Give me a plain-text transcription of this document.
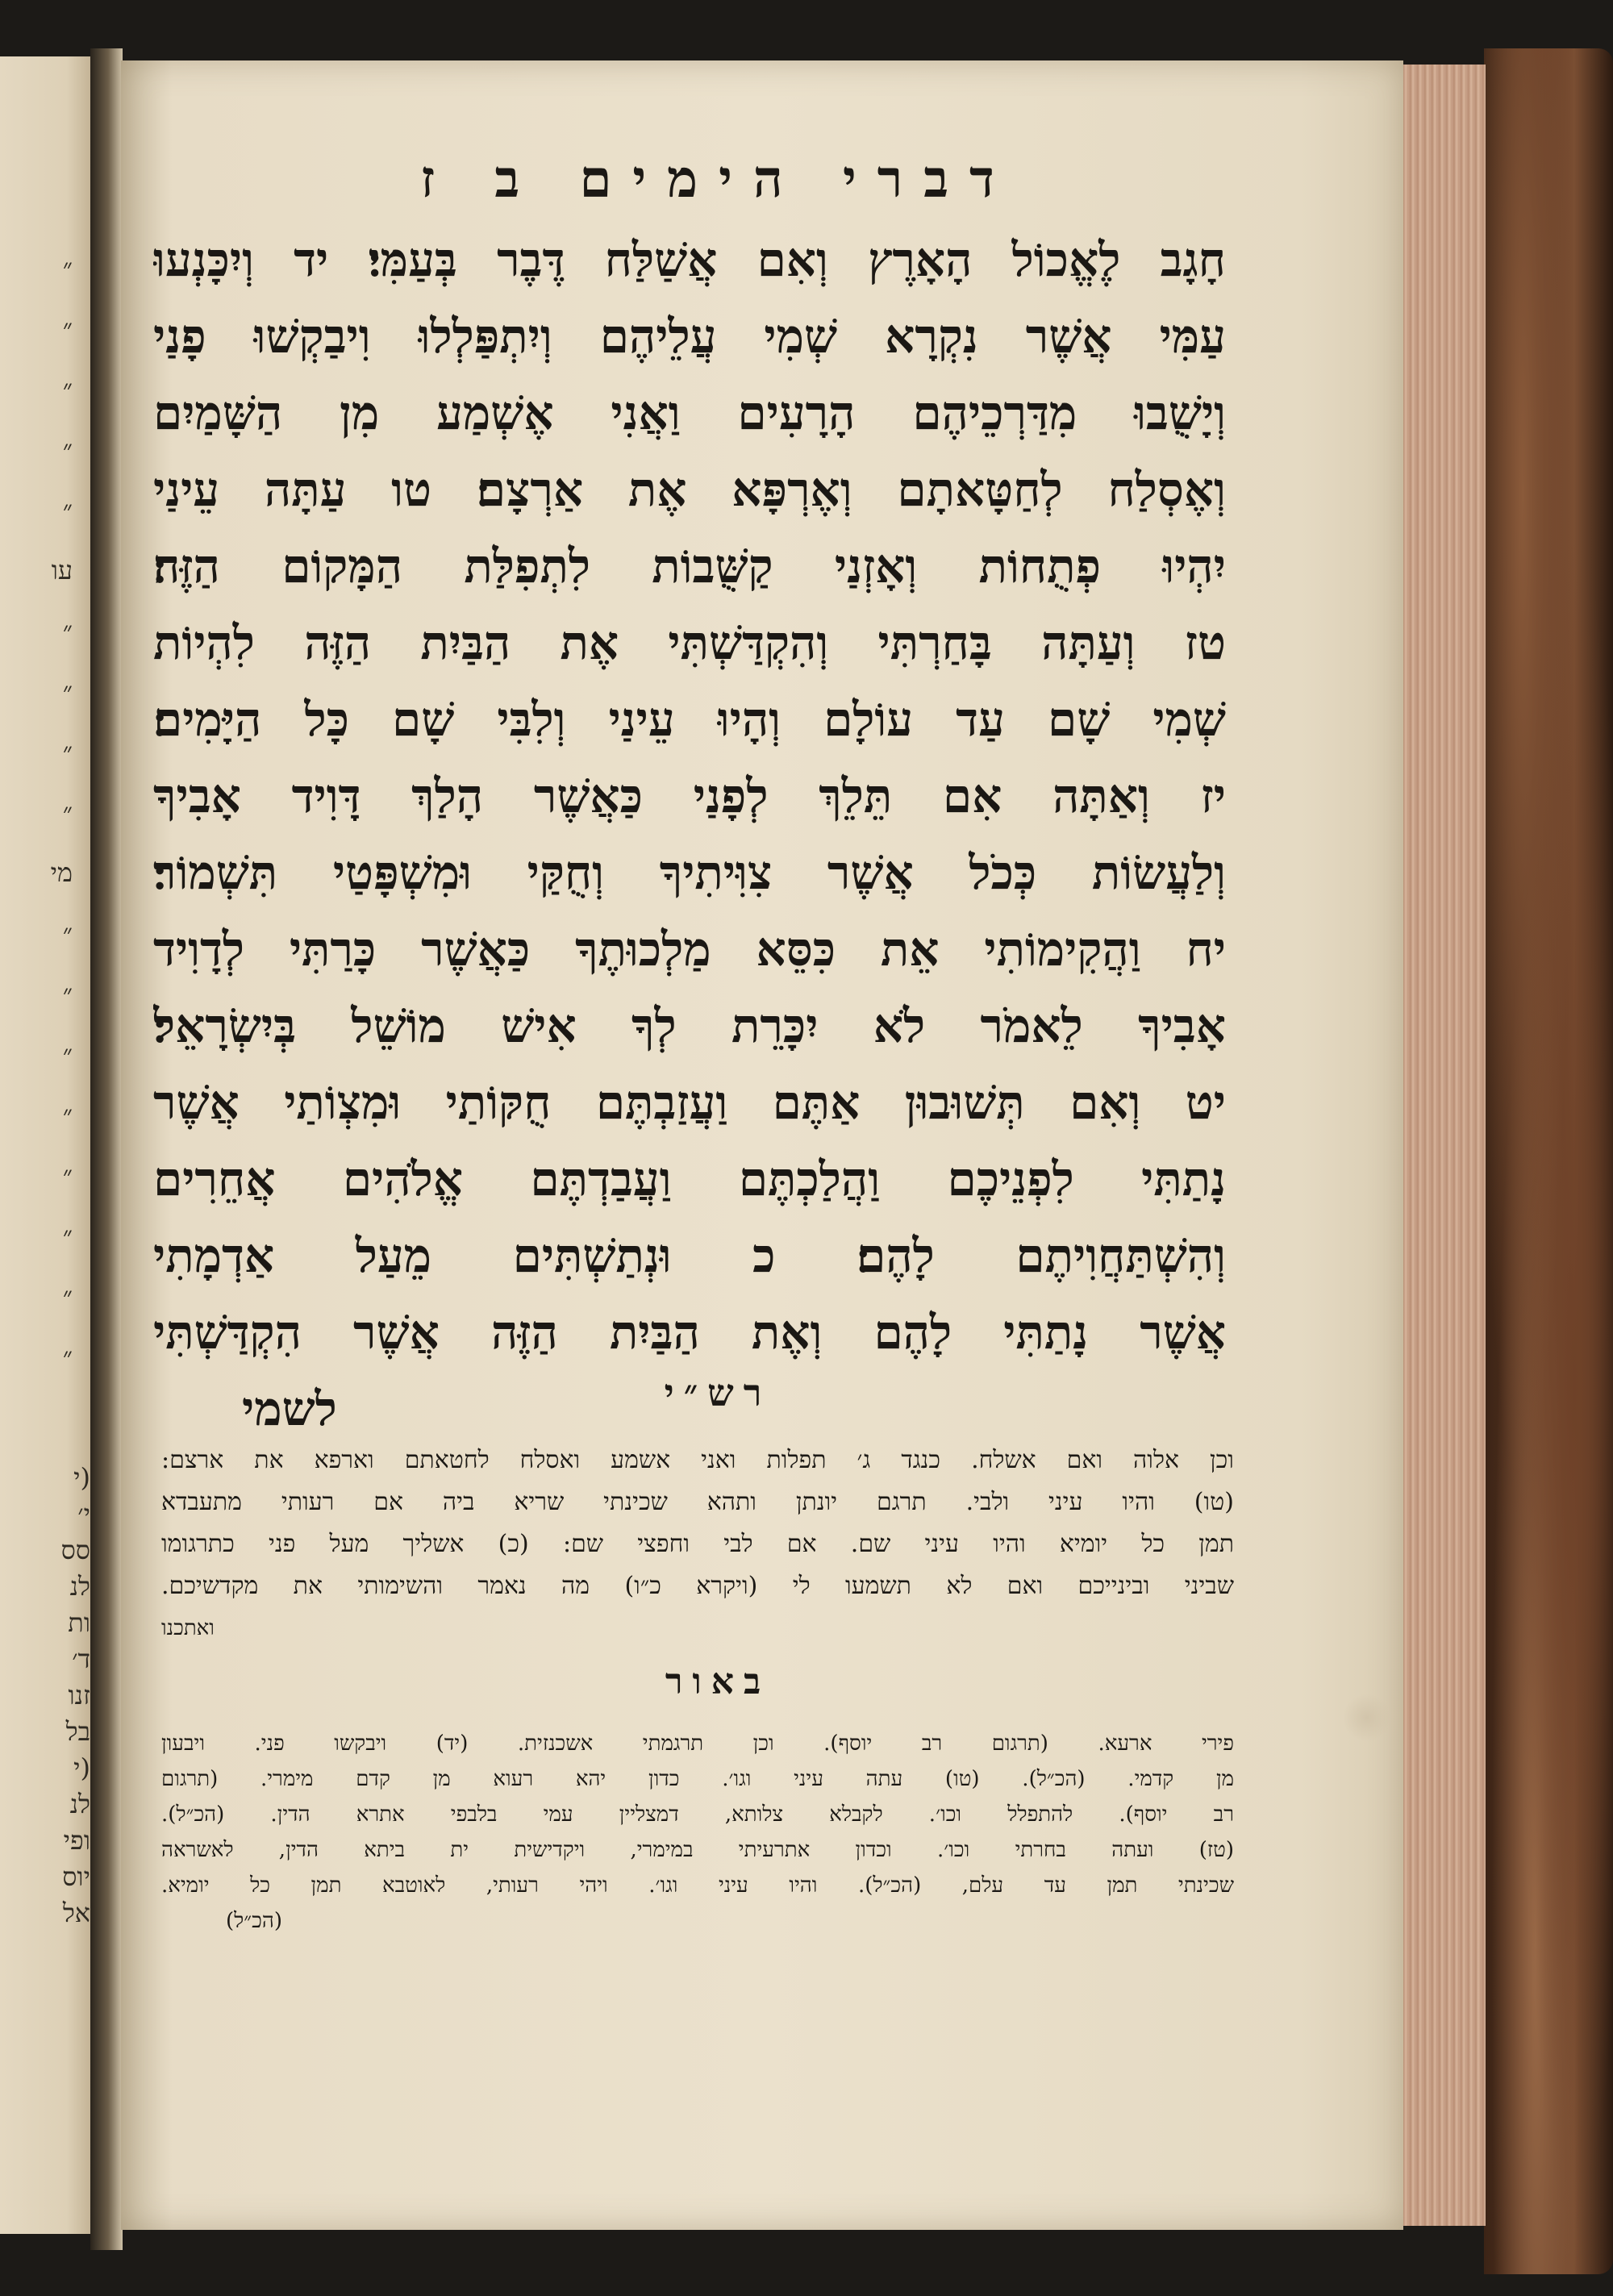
״
״
״
״
״
עו
״
״
״
״
מי
״
״
״
״
״
״
״
״
(י
י׳
סס
לנ
ות
ד׳
זנו
בל
(י
לנ
ופי
יוס
אל
דברי הימים ב ז
חָגָב לֶאֱכוֹל הָאָרֶץ וְאִם אֲשַׁלַּח דֶּבֶר בְּעַמִּי׃ יד וְיִכָּנְעוּ
עַמִּי אֲשֶׁר נִקְרָא שְׁמִי עֲלֵיהֶם וְיִתְפַּלְלוּ וִיבַקְשׁוּ פָנַי
וְיָשֻׁבוּ מִדַּרְכֵיהֶם הָרָעִים וַאֲנִי אֶשְׁמַע מִן הַשָּׁמַיִם
וְאֶסְלַח לְחַטָּאתָם וְאֶרְפָּא אֶת אַרְצָם׃ טו עַתָּה עֵינַי
יִהְיוּ פְתֻחוֹת וְאָזְנַי קַשֻּׁבוֹת לִתְפִלַּת הַמָּקוֹם הַזֶּה׃
טז וְעַתָּה בָּחַרְתִּי וְהִקְדַּשְׁתִּי אֶת הַבַּיִת הַזֶּה לִהְיוֹת
שְׁמִי שָׁם עַד עוֹלָם וְהָיוּ עֵינַי וְלִבִּי שָׁם כָּל הַיָּמִים׃
יז וְאַתָּה אִם תֵּלֵךְ לְפָנַי כַּאֲשֶׁר הָלַךְ דָּוִיד אָבִיךָ
וְלַעֲשׂוֹת כְּכֹל אֲשֶׁר צִוִּיתִיךָ וְחֻקַּי וּמִשְׁפָּטַי תִּשְׁמוֹר׃
יח וַהֲקִימוֹתִי אֵת כִּסֵּא מַלְכוּתֶךָ כַּאֲשֶׁר כָּרַתִּי לְדָוִיד
אָבִיךָ לֵאמֹר לֹא יִכָּרֵת לְךָ אִישׁ מוֹשֵׁל בְּיִשְׂרָאֵל׃
יט וְאִם תְּשׁוּבוּן אַתֶּם וַעֲזַבְתֶּם חֻקּוֹתַי וּמִצְוֹתַי אֲשֶׁר
נָתַתִּי לִפְנֵיכֶם וַהֲלַכְתֶּם וַעֲבַדְתֶּם אֱלֹהִים אֲחֵרִים
וְהִשְׁתַּחֲוִיתֶם לָהֶם׃ כ וּנְתַשְׁתִּים מֵעַל אַדְמָתִי
אֲשֶׁר נָתַתִּי לָהֶם וְאֶת הַבַּיִת הַזֶּה אֲשֶׁר הִקְדַּשְׁתִּי
לשמי	רש״י
וכן אלוה ואם אשלח. כנגד ג׳ תפלות ואני אשמע ואסלח לחטאתם וארפא את ארצם:
(טו) והיו עיני ולבי. תרגם יונתן ותהא שכינתי שריא ביה אם רעותי מתעבדא
תמן כל יומיא והיו עיני שם. אם לבי וחפצי שם: (כ) אשליך מעל פני כתרגומו
שביני ובינייכם ואם לא תשמעו לי (ויקרא כ״ו) מה נאמר והשימותי את מקדשיכם.
ואתכנו
באור
פירי ארעא. (תרגום רב יוסף). וכן תרגמתי אשכנזית. (יד) ויבקשו פני. ויבעון
מן קדמי. (הכ״ל). (טו) עתה עיני וגו׳. כדון יהא רעוא מן קדם מימרי. (תרגום
רב יוסף). להתפלל וכו׳. לקבלא צלותא, דמצליין עמי בלבפי אתרא הדין. (הכ״ל).
(טז) ועתה בחרתי וכו׳. וכדון אתרעיתי במימרי, ויקדישית ית ביתא הדין, לאשראה
שכינתי תמן עד עלם, (הכ״ל). והיו עיני וגו׳. ויהי רעותי, לאוטבא תמן כל יומיא.
(הכ״ל)
